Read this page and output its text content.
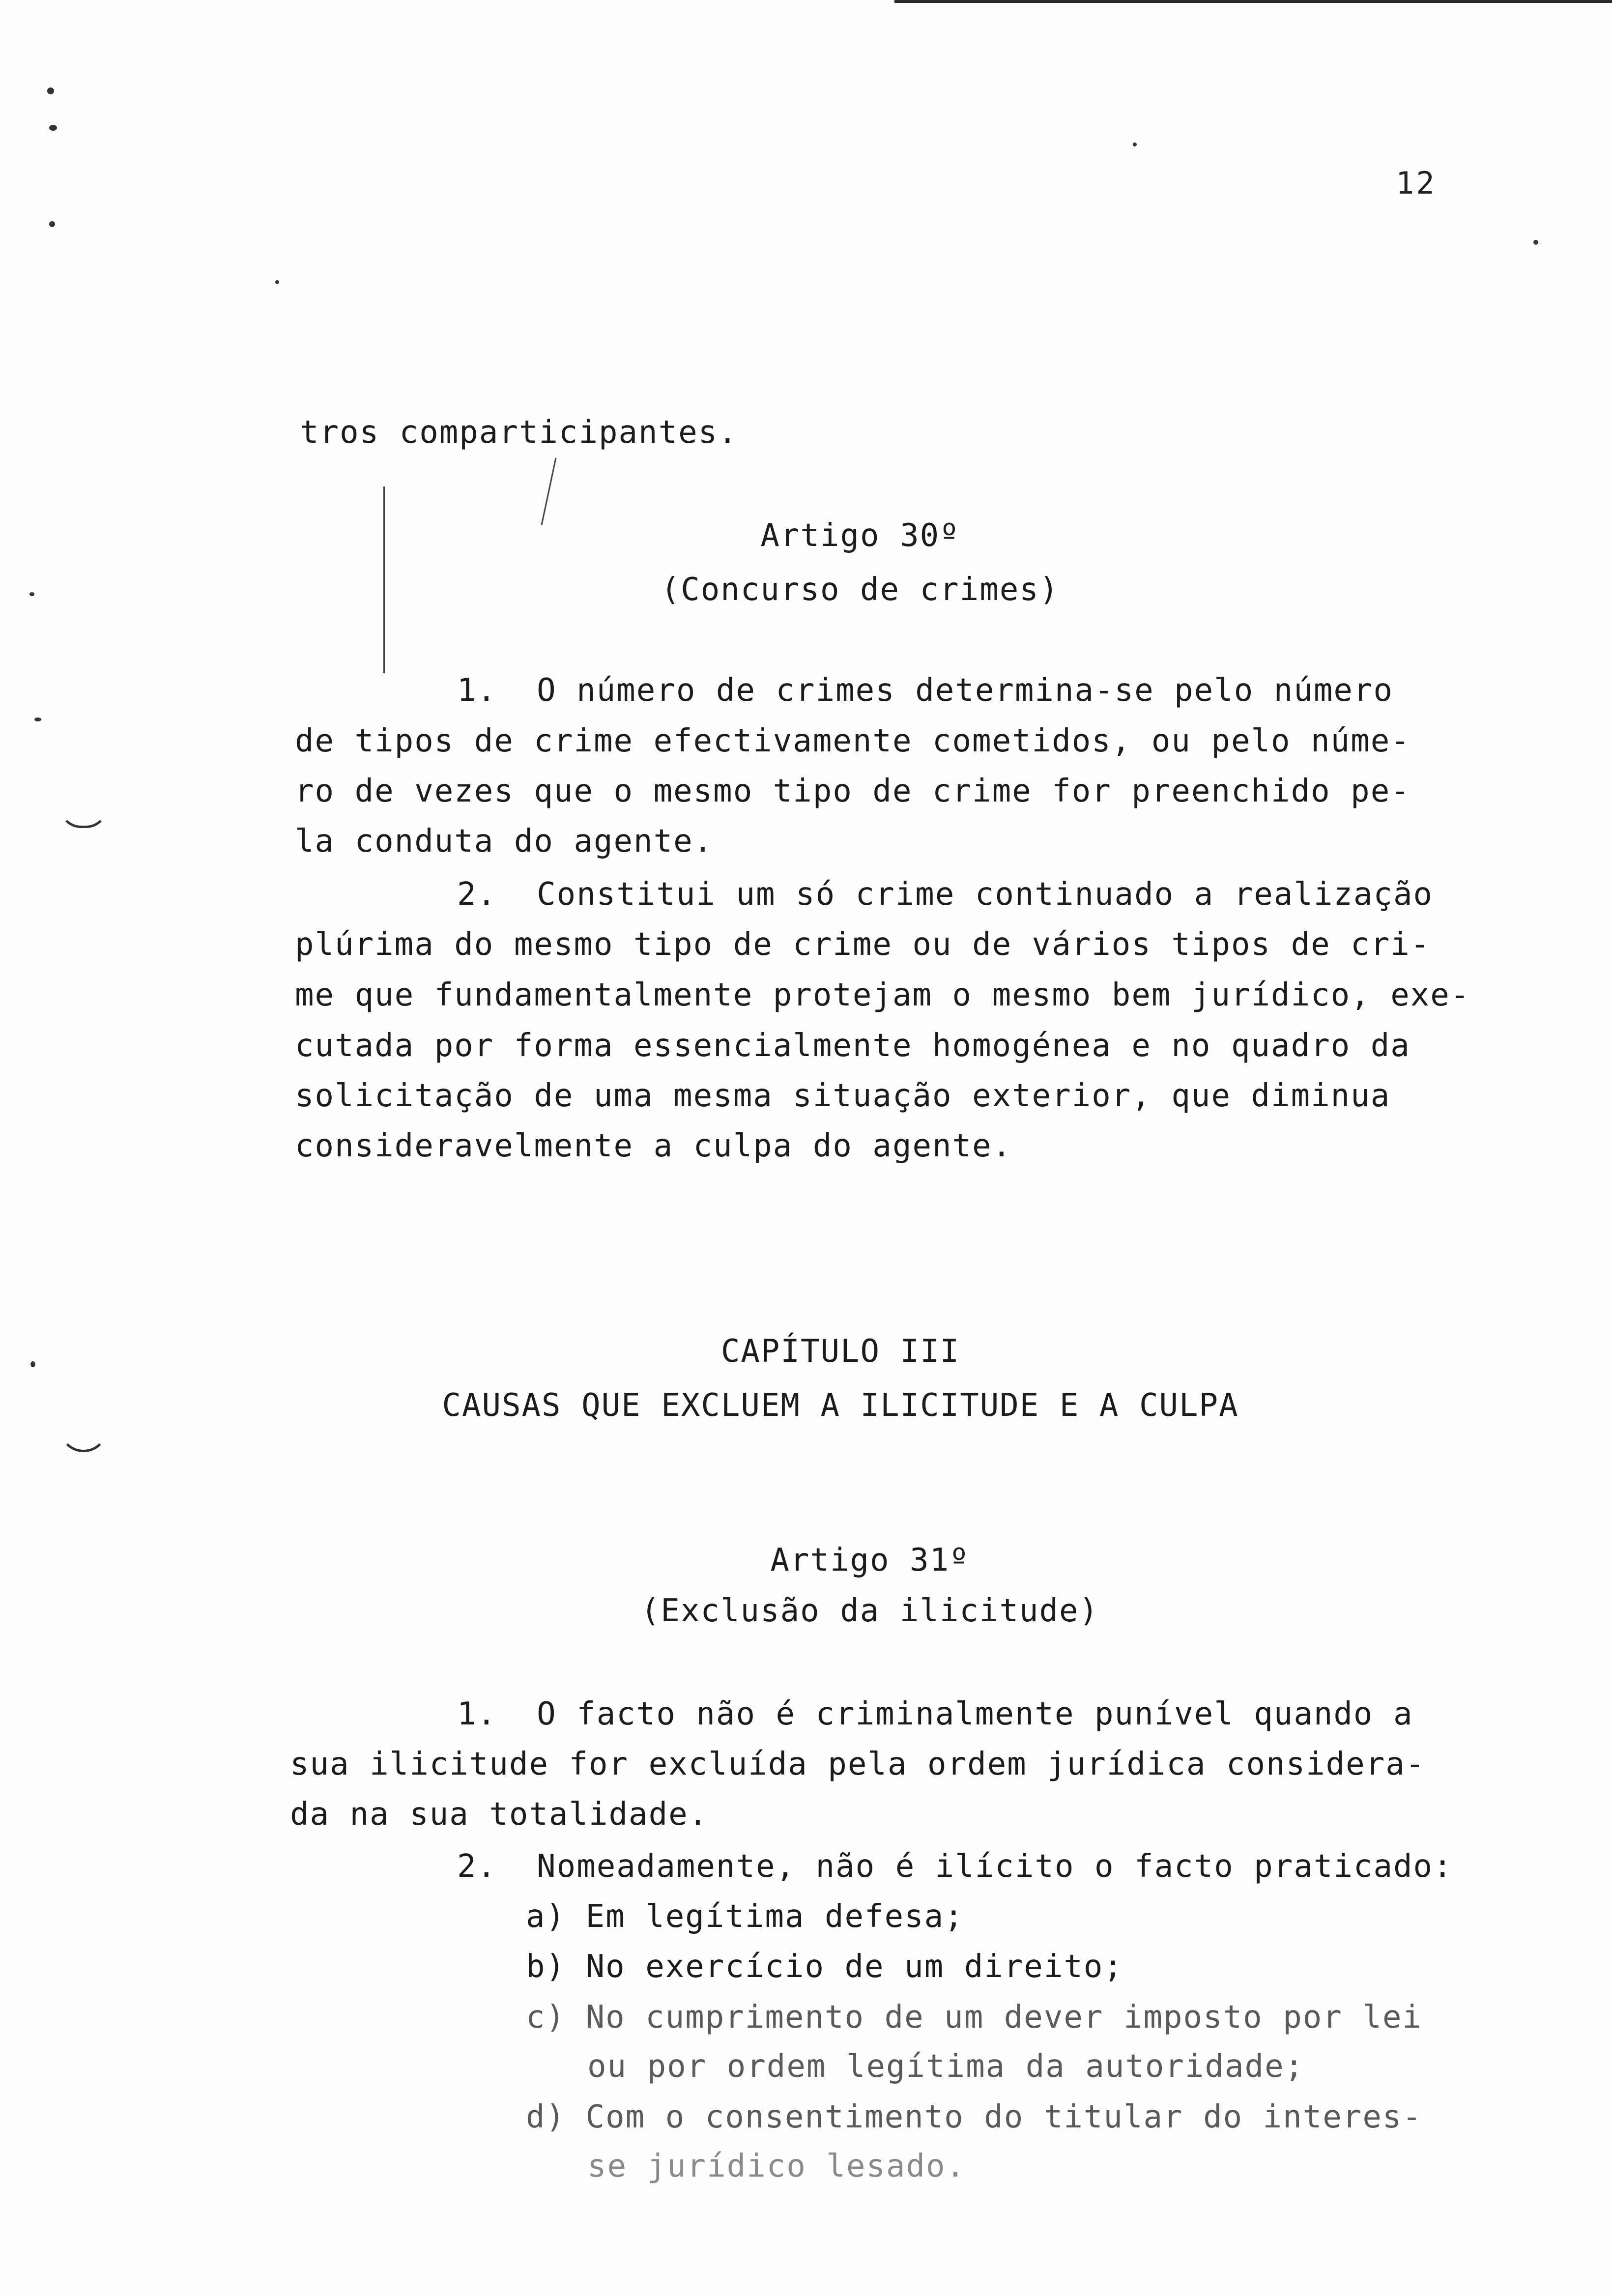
12
tros comparticipantes.
Artigo 30º
(Concurso de crimes)
1.  O número de crimes determina-se pelo número
de tipos de crime efectivamente cometidos, ou pelo núme-
ro de vezes que o mesmo tipo de crime for preenchido pe-
la conduta do agente.
2.  Constitui um só crime continuado a realização
plúrima do mesmo tipo de crime ou de vários tipos de cri-
me que fundamentalmente protejam o mesmo bem jurídico, exe-
cutada por forma essencialmente homogénea e no quadro da
solicitação de uma mesma situação exterior, que diminua
consideravelmente a culpa do agente.
CAPÍTULO III
CAUSAS QUE EXCLUEM A ILICITUDE E A CULPA
Artigo 31º
(Exclusão da ilicitude)
1.  O facto não é criminalmente punível quando a
sua ilicitude for excluída pela ordem jurídica considera-
da na sua totalidade.
2.  Nomeadamente, não é ilícito o facto praticado:
a) Em legítima defesa;
b) No exercício de um direito;
c) No cumprimento de um dever imposto por lei
ou por ordem legítima da autoridade;
d) Com o consentimento do titular do interes-
se jurídico lesado.
